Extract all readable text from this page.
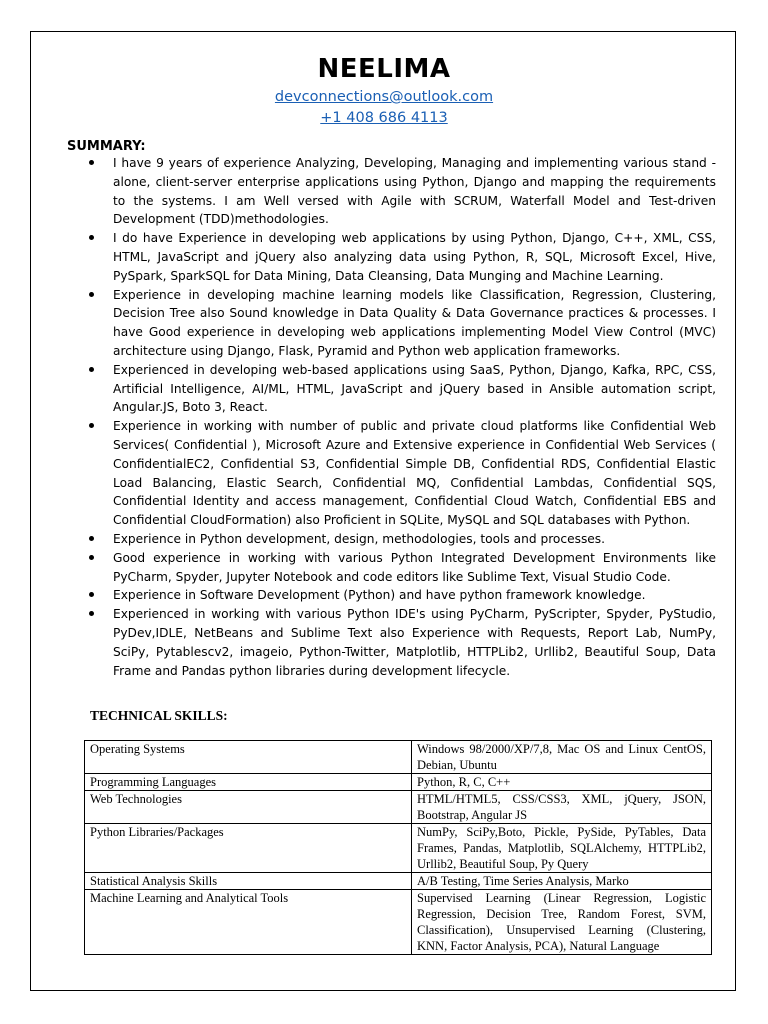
NEELIMA
devconnections@outlook.com
+1 408 686 4113
SUMMARY:
I have 9 years of experience Analyzing, Developing, Managing and implementing various stand - alone, client-server enterprise applications using Python, Django and mapping the requirements to the systems. I am Well versed with Agile with SCRUM, Waterfall Model and Test-driven Development (TDD)methodologies.
I do have Experience in developing web applications by using Python, Django, C++, XML, CSS, HTML, JavaScript and jQuery also analyzing data using Python, R, SQL, Microsoft Excel, Hive, PySpark, SparkSQL for Data Mining, Data Cleansing, Data Munging and Machine Learning.
Experience in developing machine learning models like Classification, Regression, Clustering, Decision Tree also Sound knowledge in Data Quality & Data Governance practices & processes. I have Good experience in developing web applications implementing Model View Control (MVC) architecture using Django, Flask, Pyramid and Python web application frameworks.
Experienced in developing web-based applications using SaaS, Python, Django, Kafka, RPC, CSS, Artificial Intelligence, AI/ML, HTML, JavaScript and jQuery based in Ansible automation script, Angular.JS, Boto 3, React.
Experience in working with number of public and private cloud platforms like Confidential Web Services( Confidential ), Microsoft Azure and Extensive experience in Confidential Web Services ( ConfidentialEC2, Confidential S3, Confidential Simple DB, Confidential RDS, Confidential Elastic Load Balancing, Elastic Search, Confidential MQ, Confidential Lambdas, Confidential SQS, Confidential Identity and access management, Confidential Cloud Watch, Confidential EBS and Confidential CloudFormation) also Proficient in SQLite, MySQL and SQL databases with Python.
Experience in Python development, design, methodologies, tools and processes.
Good experience in working with various Python Integrated Development Environments like PyCharm, Spyder, Jupyter Notebook and code editors like Sublime Text, Visual Studio Code.
Experience in Software Development (Python) and have python framework knowledge.
Experienced in working with various Python IDE's using PyCharm, PyScripter, Spyder, PyStudio, PyDev,IDLE, NetBeans and Sublime Text also Experience with Requests, Report Lab, NumPy, SciPy, Pytablescv2, imageio, Python-Twitter, Matplotlib, HTTPLib2, Urllib2, Beautiful Soup, Data Frame and Pandas python libraries during development lifecycle.
TECHNICAL SKILLS:
Operating Systems	Windows 98/2000/XP/7,8, Mac OS and Linux CentOS, Debian, Ubuntu
Programming Languages	Python, R, C, C++
Web Technologies	HTML/HTML5, CSS/CSS3, XML, jQuery, JSON, Bootstrap, Angular JS
Python Libraries/Packages	NumPy, SciPy,Boto, Pickle, PySide, PyTables, Data Frames, Pandas, Matplotlib, SQLAlchemy, HTTPLib2, Urllib2, Beautiful Soup, Py Query
Statistical Analysis Skills	A/B Testing, Time Series Analysis, Marko
Machine Learning and Analytical Tools	Supervised Learning (Linear Regression, Logistic Regression, Decision Tree, Random Forest, SVM, Classification), Unsupervised Learning (Clustering, KNN, Factor Analysis, PCA), Natural Language
